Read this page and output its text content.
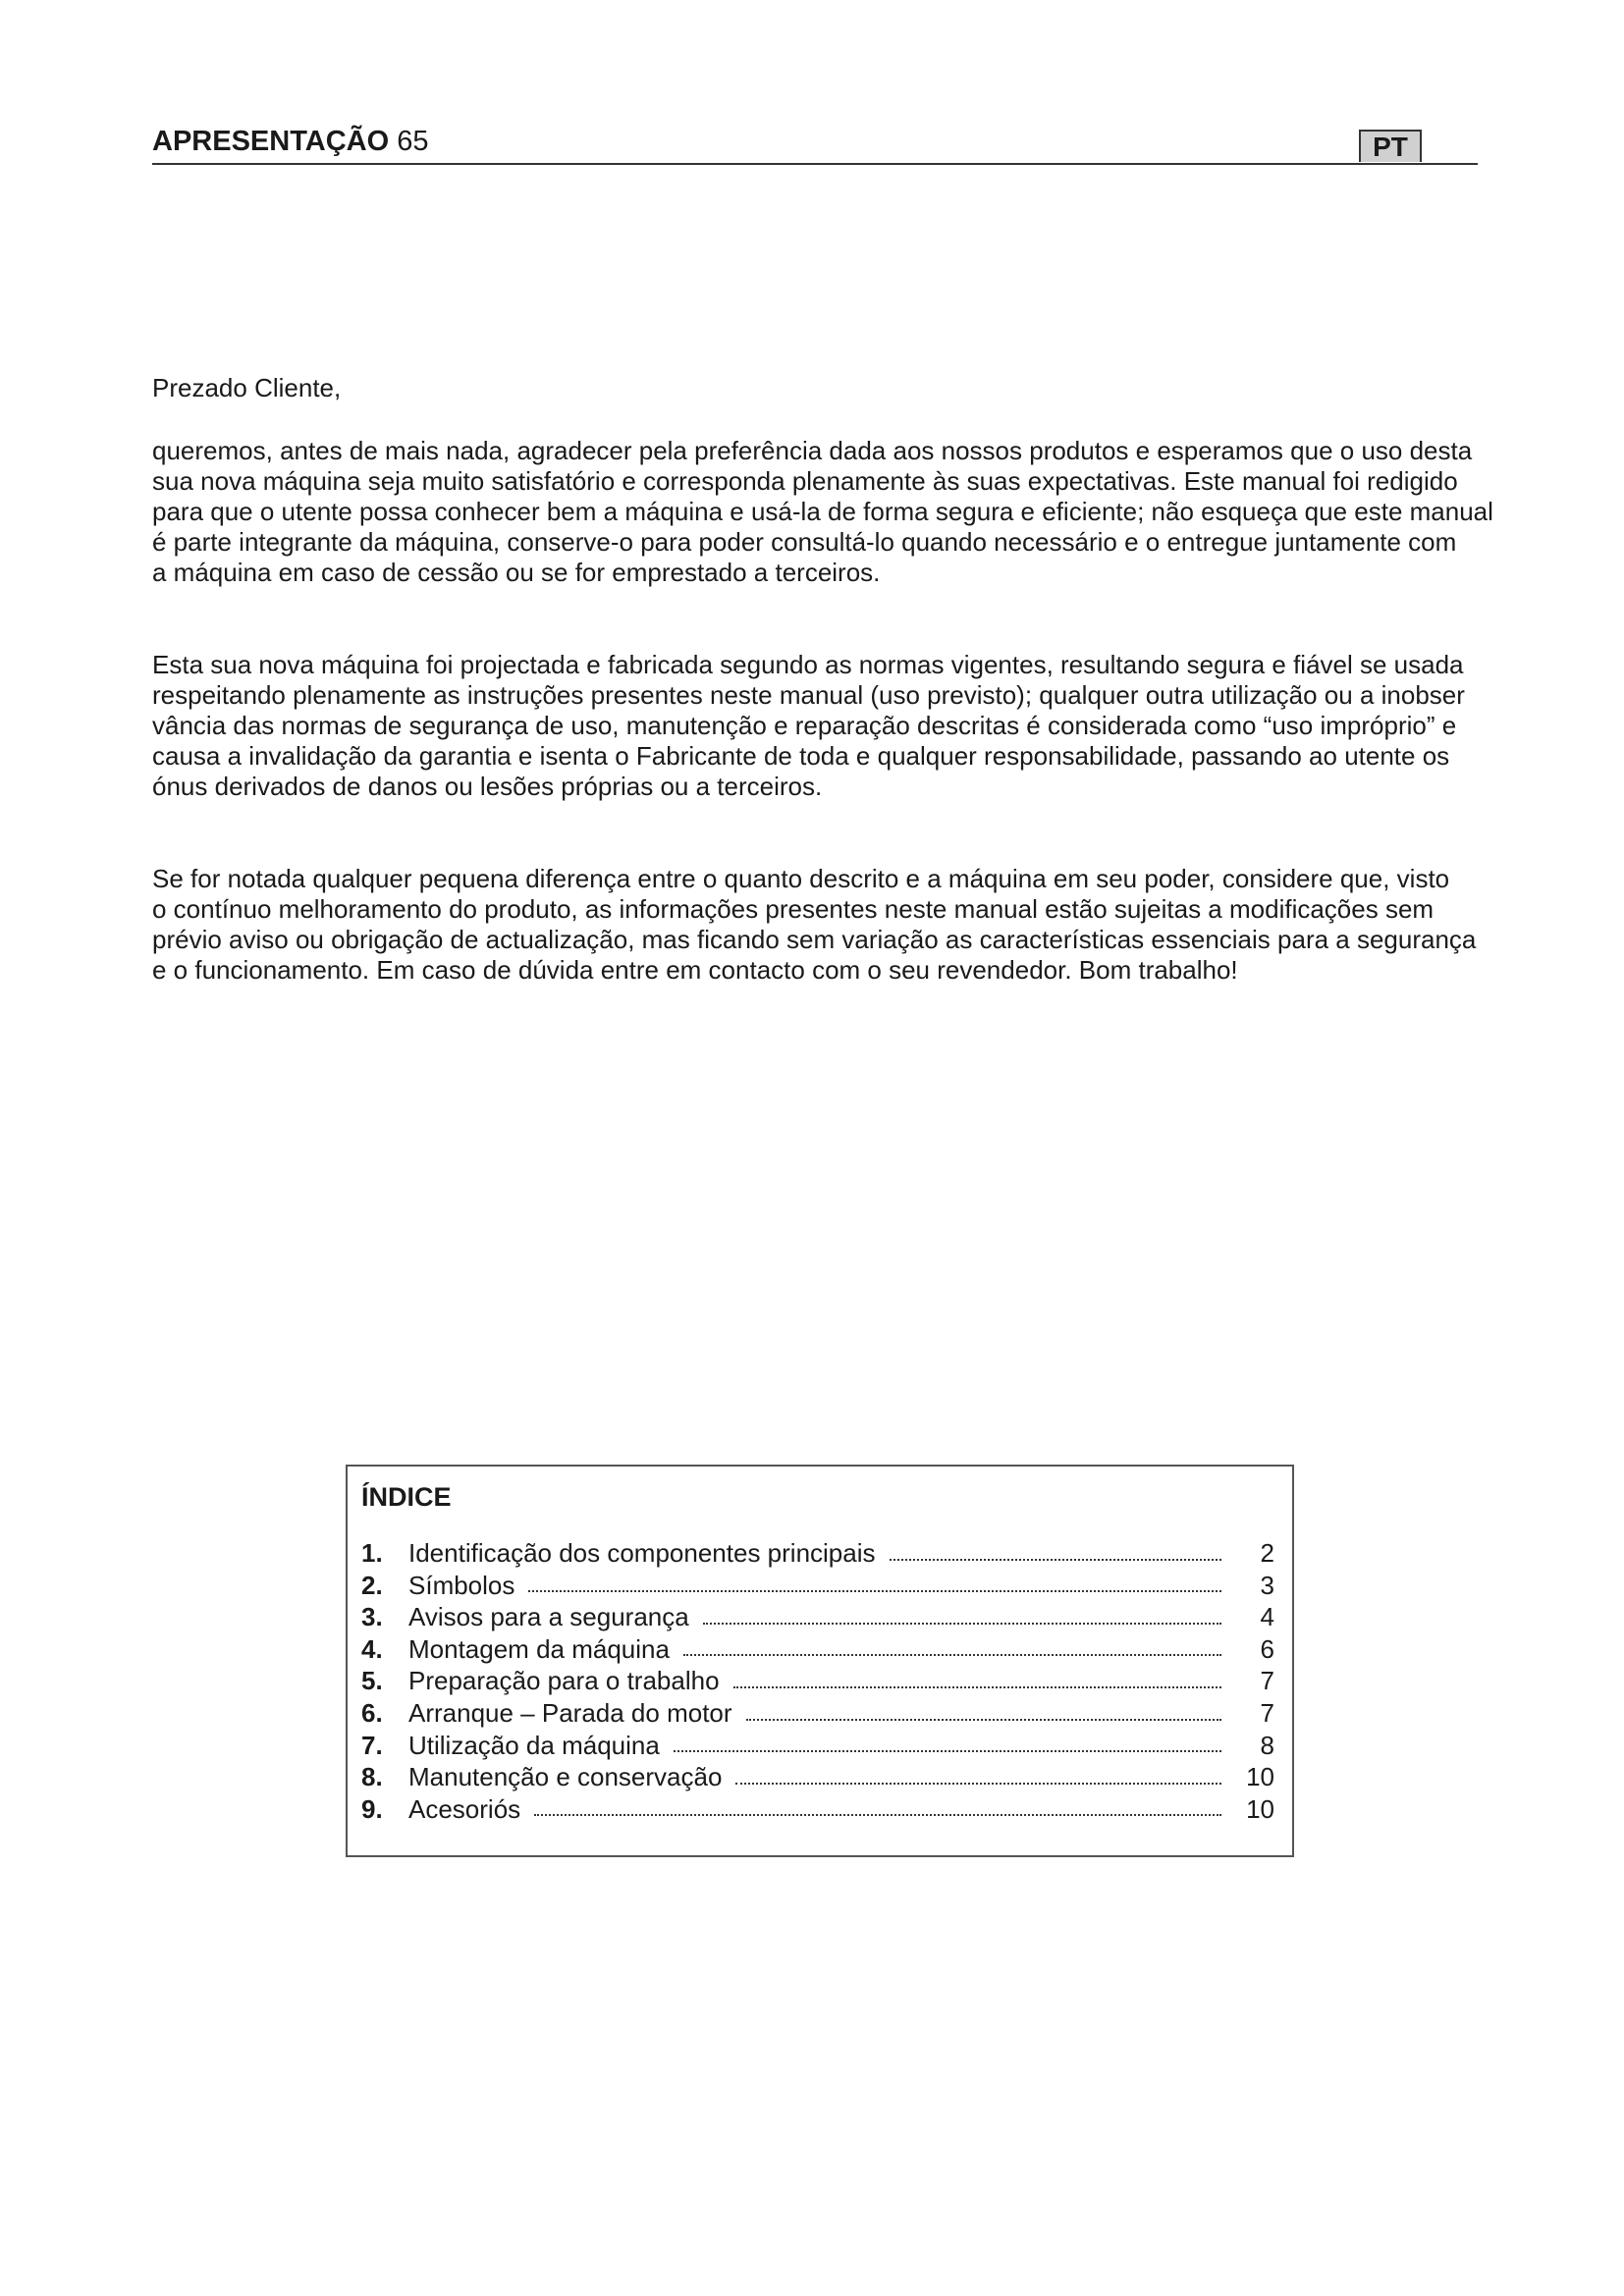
APRESENTAÇÃO 65	PT
Prezado Cliente,
queremos, antes de mais nada, agradecer pela preferência dada aos nossos produtos e esperamos que o uso desta
sua nova máquina seja muito satisfatório e corresponda plenamente às suas expectativas. Este manual foi redigido
para que o utente possa conhecer bem a máquina e usá-la de forma segura e eficiente; não esqueça que este manual
é parte integrante da máquina, conserve-o para poder consultá-lo quando necessário e o entregue juntamente com
a máquina em caso de cessão ou se for emprestado a terceiros.
Esta sua nova máquina foi projectada e fabricada segundo as normas vigentes, resultando segura e fiável se usada
respeitando plenamente as instruções presentes neste manual (uso previsto); qualquer outra utilização ou a inobser
vância das normas de segurança de uso, manutenção e reparação descritas é considerada como “uso impróprio” e
causa a invalidação da garantia e isenta o Fabricante de toda e qualquer responsabilidade, passando ao utente os
ónus derivados de danos ou lesões próprias ou a terceiros.
Se for notada qualquer pequena diferença entre o quanto descrito e a máquina em seu poder, considere que, visto
o contínuo melhoramento do produto, as informações presentes neste manual estão sujeitas a modificações sem
prévio aviso ou obrigação de actualização, mas ficando sem variação as características essenciais para a segurança
e o funcionamento. Em caso de dúvida entre em contacto com o seu revendedor. Bom trabalho!
ÍNDICE
1.	Identificação dos componentes principais	2
2.	Símbolos	3
3.	Avisos para a segurança	4
4.	Montagem da máquina	6
5.	Preparação para o trabalho	7
6.	Arranque – Parada do motor	7
7.	Utilização da máquina	8
8.	Manutenção e conservação	10
9.	Acesoriós	10
